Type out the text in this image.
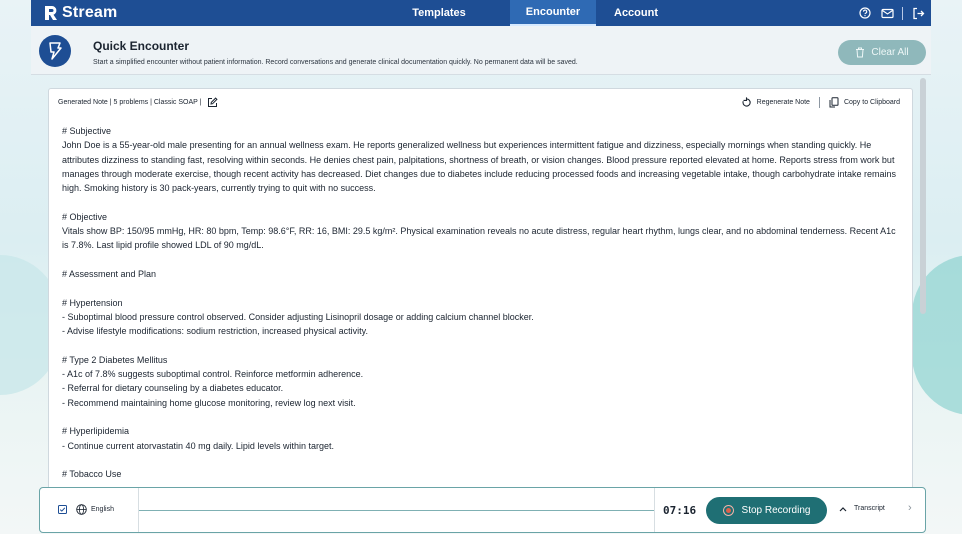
Stream	Templates	Encounter	Account
Quick Encounter
Start a simplified encounter without patient information. Record conversations and generate clinical documentation quickly. No permanent data will be saved.
Clear All
Generated Note | 5 problems | Classic SOAP |	Regenerate Note	Copy to Clipboard

# Subjective

John Doe is a 55-year-old male presenting for an annual wellness exam. He reports generalized wellness but experiences intermittent fatigue and dizziness, especially mornings when standing quickly. He attributes dizziness to standing fast, resolving within seconds. He denies chest pain, palpitations, shortness of breath, or vision changes. Blood pressure reported elevated at home. Reports stress from work but manages through moderate exercise, though recent activity has decreased. Diet changes due to diabetes include reducing processed foods and increasing vegetable intake, though carbohydrate intake remains high. Smoking history is 30 pack-years, currently trying to quit with no success.

# Objective

Vitals show BP: 150/95 mmHg, HR: 80 bpm, Temp: 98.6°F, RR: 16, BMI: 29.5 kg/m². Physical examination reveals no acute distress, regular heart rhythm, lungs clear, and no abdominal tenderness. Recent A1c is 7.8%. Last lipid profile showed LDL of 90 mg/dL.

# Assessment and Plan

# Hypertension

- Suboptimal blood pressure control observed. Consider adjusting Lisinopril dosage or adding calcium channel blocker.

- Advise lifestyle modifications: sodium restriction, increased physical activity.

# Type 2 Diabetes Mellitus

- A1c of 7.8% suggests suboptimal control. Reinforce metformin adherence.

- Referral for dietary counseling by a diabetes educator.

- Recommend maintaining home glucose monitoring, review log next visit.

# Hyperlipidemia

- Continue current atorvastatin 40 mg daily. Lipid levels within target.

# Tobacco Use

English	07:16	Stop Recording	Transcript ›
